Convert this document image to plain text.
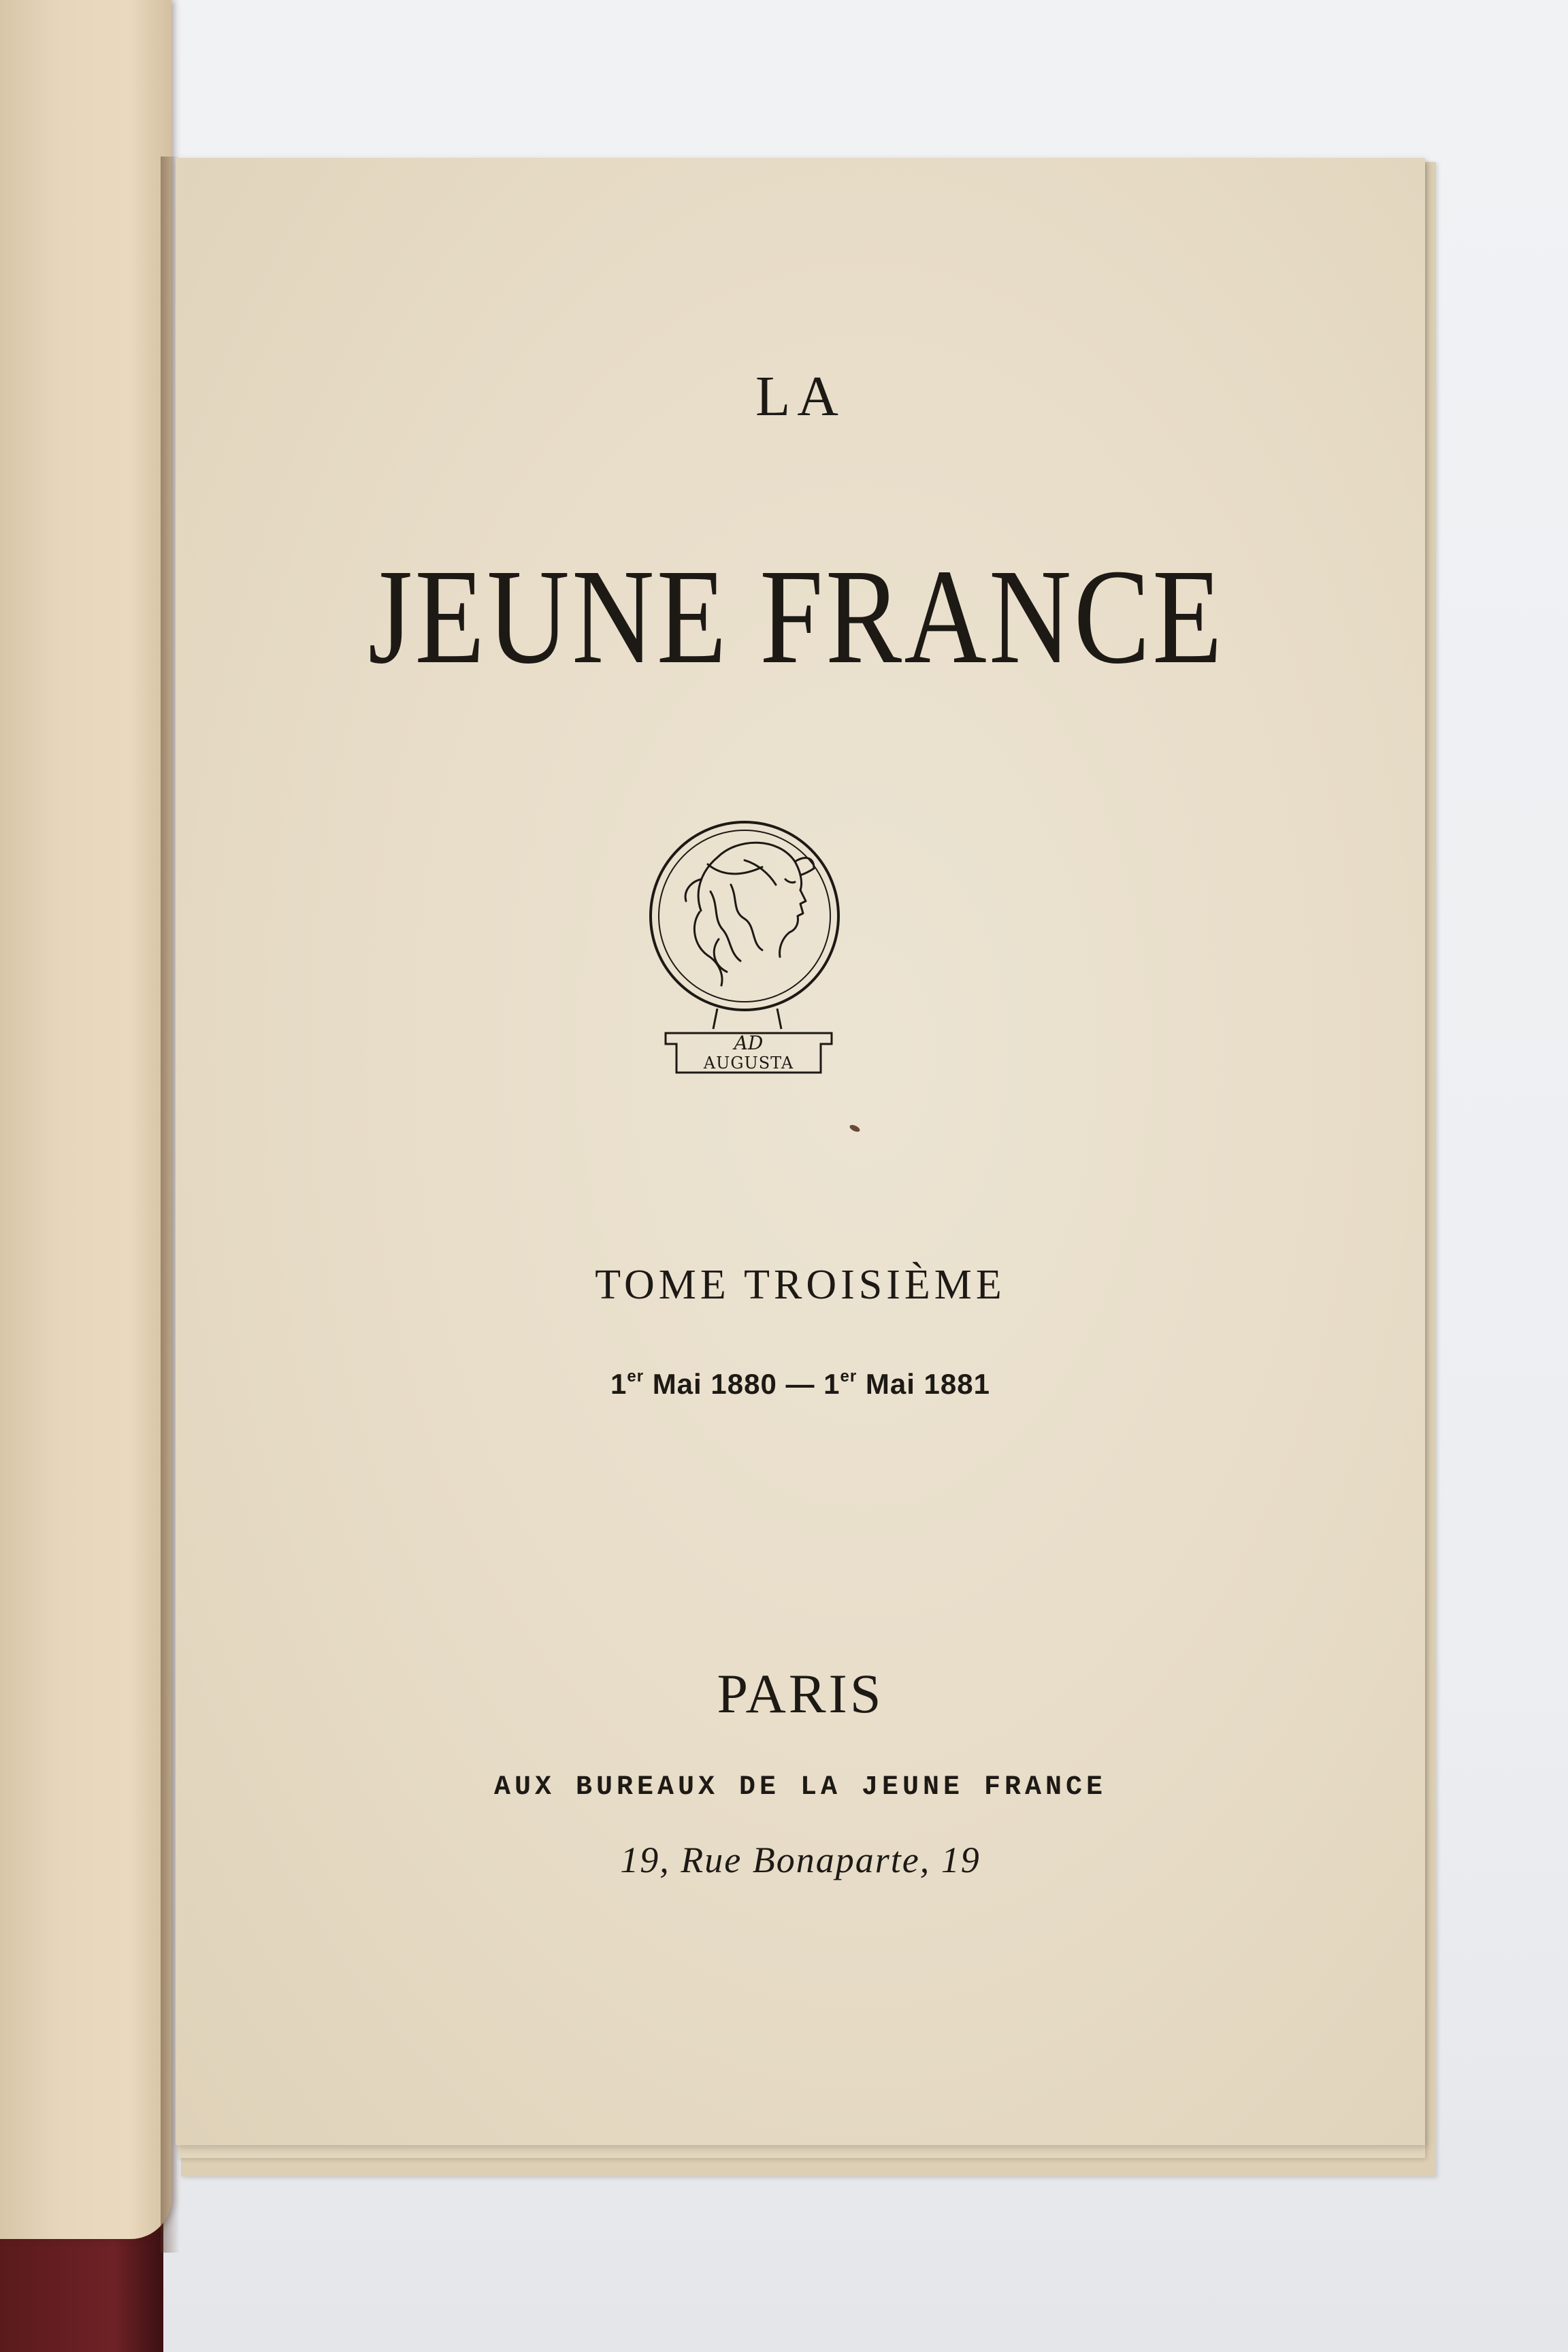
LA
JEUNE FRANCE
AD
AUGUSTA
TOME TROISIÈME
1er Mai 1880 — 1er Mai 1881
PARIS
AUX BUREAUX DE LA JEUNE FRANCE
19, Rue Bonaparte, 19
